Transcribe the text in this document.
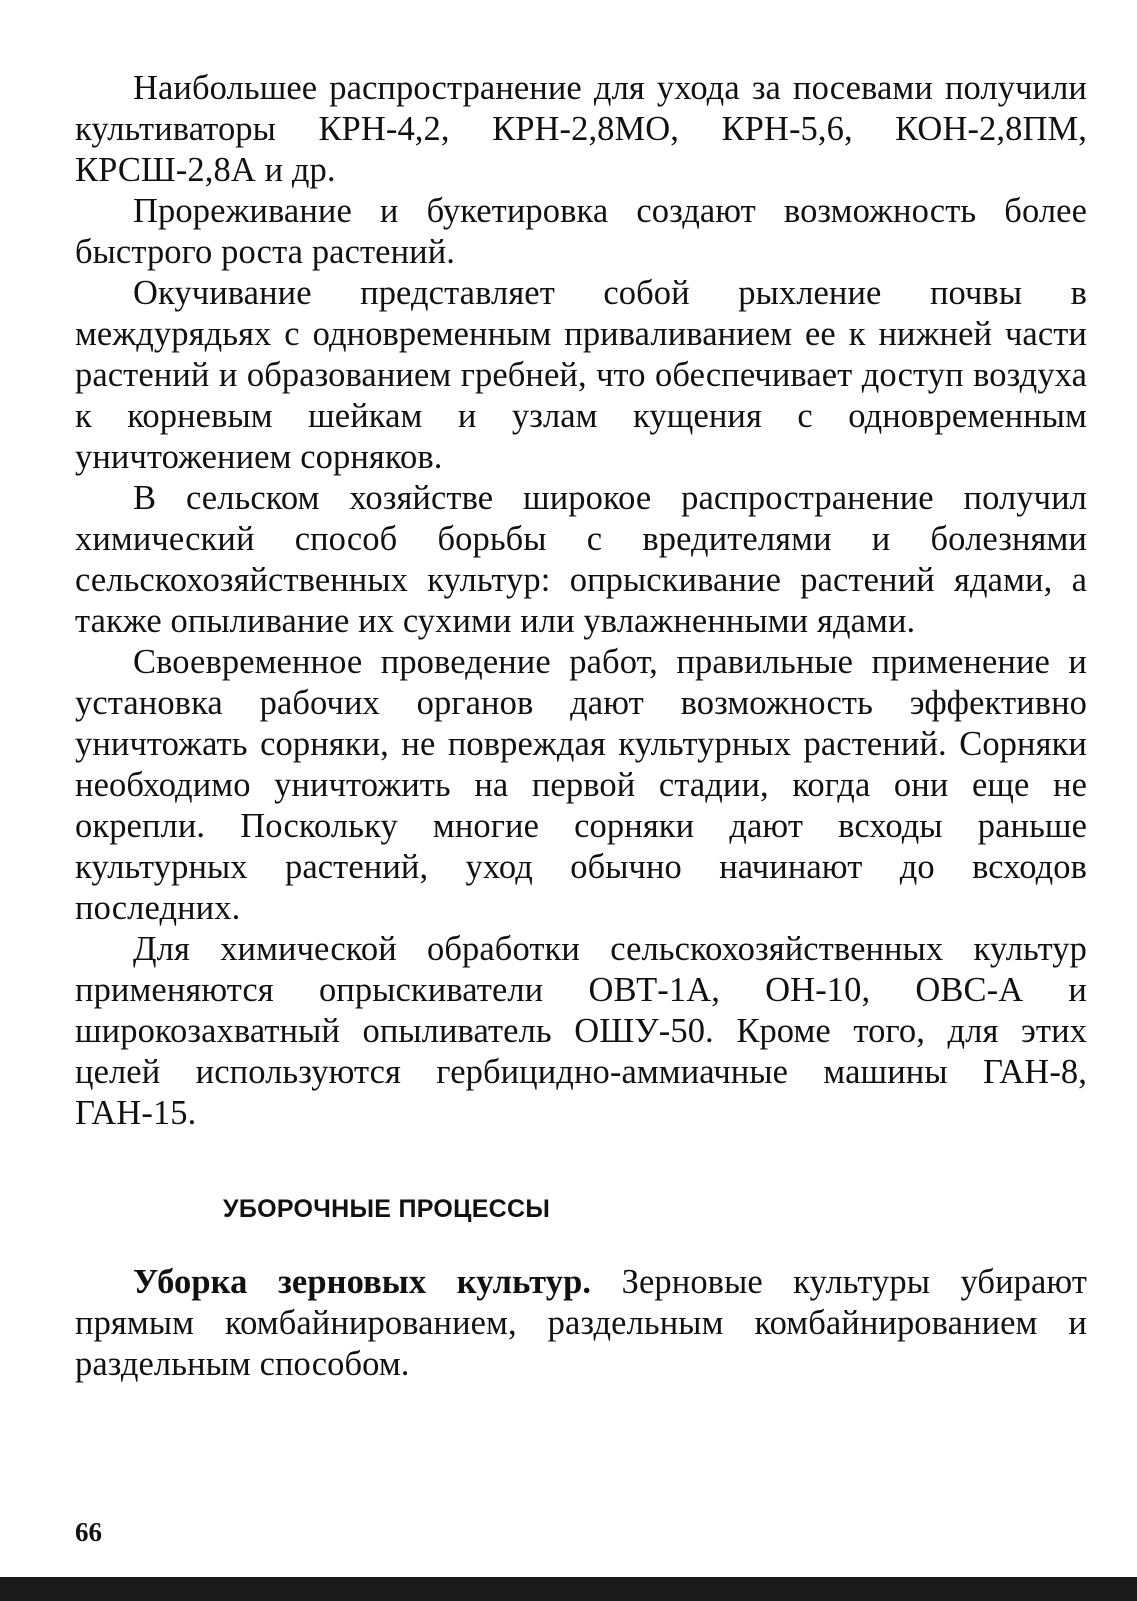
Наибольшее распространение для ухода за посевами получили культиваторы КРН-4,2, КРН-2,8МО, КРН-5,6, КОН-2,8ПМ, КРСШ-2,8А и др.

Прореживание и букетировка создают возможность более быстрого роста растений.

Окучивание представляет собой рыхление почвы в междурядьях с одновременным приваливанием ее к нижней части растений и образованием гребней, что обеспечивает доступ воздуха к корневым шейкам и узлам кущения с одновременным уничтожением сорняков.

В сельском хозяйстве широкое распространение получил химический способ борьбы с вредителями и болезнями сельскохозяйственных культур: опрыскивание растений ядами, а также опыливание их сухими или увлажненными ядами.

Своевременное проведение работ, правильные применение и установка рабочих органов дают возможность эффективно уничтожать сорняки, не повреждая культурных растений. Сорняки необходимо уничтожить на первой стадии, когда они еще не окрепли. Поскольку многие сорняки дают всходы раньше культурных растений, уход обычно начинают до всходов последних.

Для химической обработки сельскохозяйственных культур применяются опрыскиватели ОВТ-1А, ОН-10, ОВС-А и широкозахватный опыливатель ОШУ-50. Кроме того, для этих целей используются гербицидно-аммиачные машины ГАН-8, ГАН-15.

УБОРОЧНЫЕ ПРОЦЕССЫ

Уборка зерновых культур. Зерновые культуры убирают прямым комбайнированием, раздельным комбайнированием и раздельным способом.

66
